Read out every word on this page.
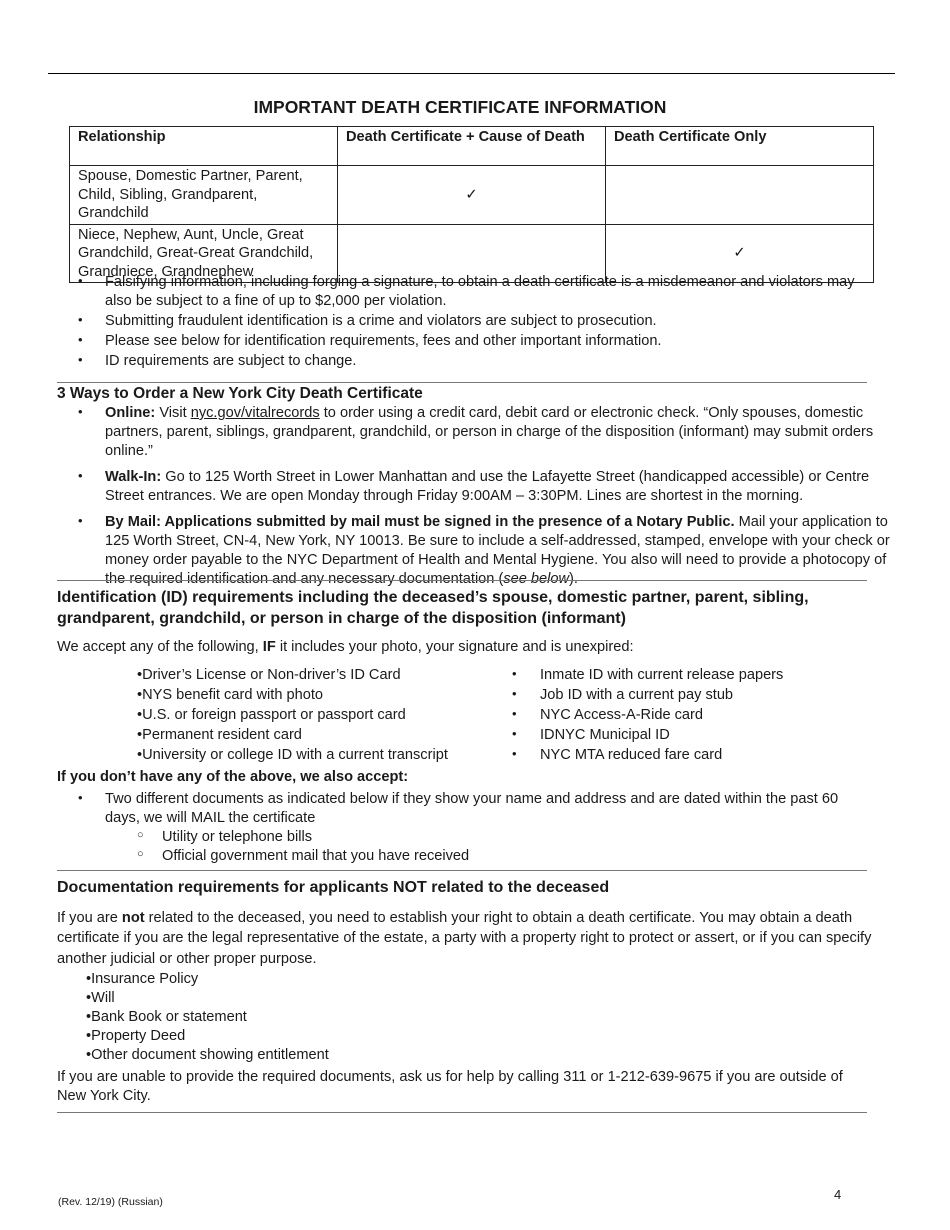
IMPORTANT DEATH CERTIFICATE INFORMATION
Relationship	Death Certificate + Cause of Death	Death Certificate Only
Spouse, Domestic Partner, Parent, Child, Sibling, Grandparent, Grandchild	✓	
Niece, Nephew, Aunt, Uncle, Great Grandchild, Great-Great Grandchild, Grandniece, Grandnephew		✓
• Falsifying information, including forging a signature, to obtain a death certificate is a misdemeanor and violators may also be subject to a fine of up to $2,000 per violation.
• Submitting fraudulent identification is a crime and violators are subject to prosecution.
• Please see below for identification requirements, fees and other important information.
• ID requirements are subject to change.
3 Ways to Order a New York City Death Certificate
• Online: Visit nyc.gov/vitalrecords to order using a credit card, debit card or electronic check. “Only spouses, domestic partners, parent, siblings, grandparent, grandchild, or person in charge of the disposition (informant) may submit orders online.”
• Walk-In: Go to 125 Worth Street in Lower Manhattan and use the Lafayette Street (handicapped accessible) or Centre Street entrances. We are open Monday through Friday 9:00AM – 3:30PM. Lines are shortest in the morning.
• By Mail: Applications submitted by mail must be signed in the presence of a Notary Public. Mail your application to 125 Worth Street, CN-4, New York, NY 10013. Be sure to include a self-addressed, stamped, envelope with your check or money order payable to the NYC Department of Health and Mental Hygiene. You also will need to provide a photocopy of the required identification and any necessary documentation (see below).
Identification (ID) requirements including the deceased’s spouse, domestic partner, parent, sibling, grandparent, grandchild, or person in charge of the disposition (informant)
We accept any of the following, IF it includes your photo, your signature and is unexpired:
• Driver’s License or Non-driver’s ID Card
• NYS benefit card with photo
• U.S. or foreign passport or passport card
• Permanent resident card
• University or college ID with a current transcript
• Inmate ID with current release papers
• Job ID with a current pay stub
• NYC Access-A-Ride card
• IDNYC Municipal ID
• NYC MTA reduced fare card
If you don’t have any of the above, we also accept:
• Two different documents as indicated below if they show your name and address and are dated within the past 60 days, we will MAIL the certificate
○ Utility or telephone bills
○ Official government mail that you have received
Documentation requirements for applicants NOT related to the deceased
If you are not related to the deceased, you need to establish your right to obtain a death certificate. You may obtain a death certificate if you are the legal representative of the estate, a party with a property right to protect or assert, or if you can specify another judicial or other proper purpose.
• Insurance Policy
• Will
• Bank Book or statement
• Property Deed
• Other document showing entitlement
If you are unable to provide the required documents, ask us for help by calling 311 or 1-212-639-9675 if you are outside of New York City.
(Rev. 12/19) (Russian)	4
